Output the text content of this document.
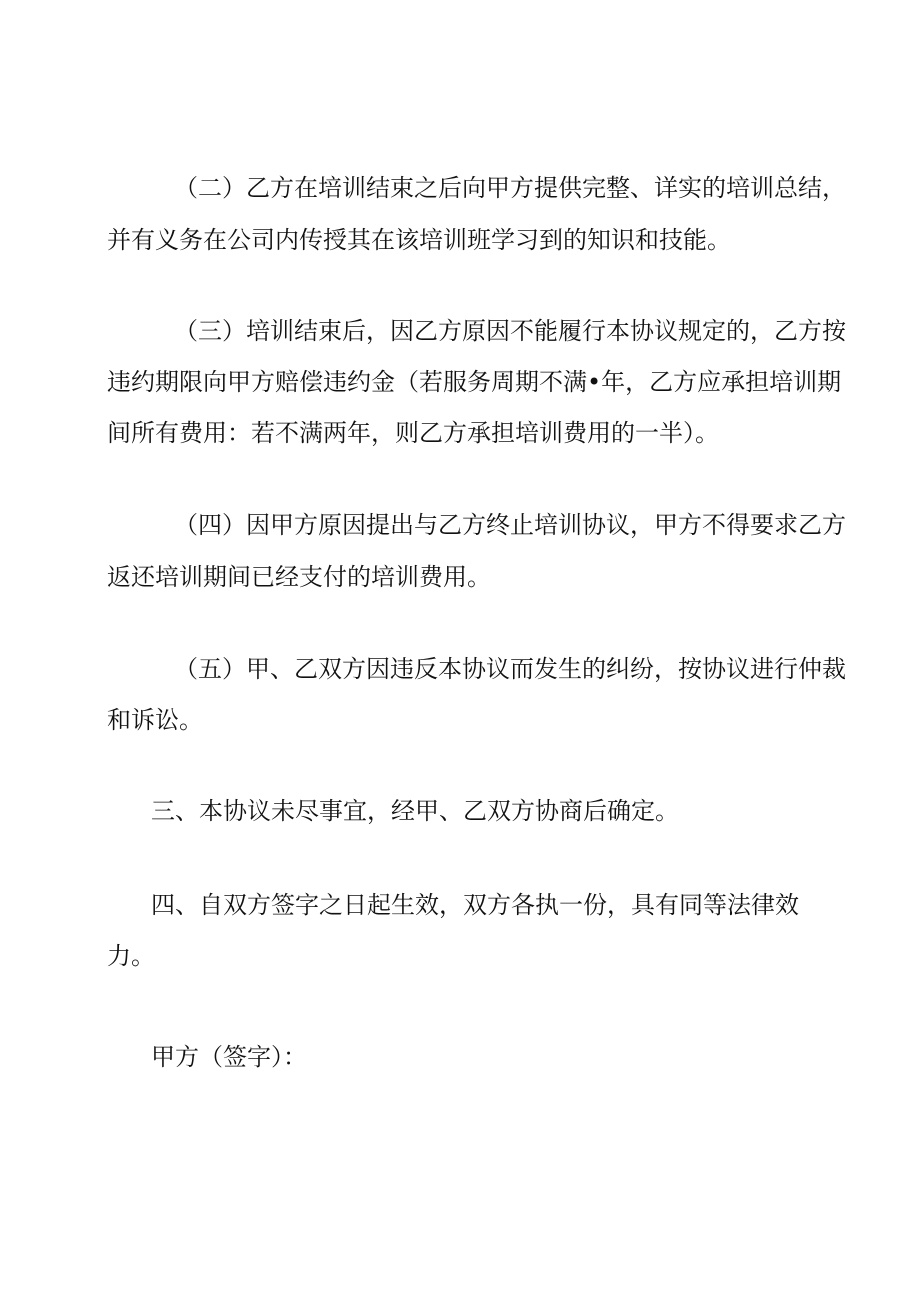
（二）乙方在培训结束之后向甲方提供完整、详实的培训总结，
并有义务在公司内传授其在该培训班学习到的知识和技能。
（三）培训结束后，因乙方原因不能履行本协议规定的，乙方按
违约期限向甲方赔偿违约金（若服务周期不满•年，乙方应承担培训期
间所有费用：若不满两年，则乙方承担培训费用的一半）。
（四）因甲方原因提出与乙方终止培训协议，甲方不得要求乙方
返还培训期间已经支付的培训费用。
（五）甲、乙双方因违反本协议而发生的纠纷，按协议进行仲裁
和诉讼。
三、本协议未尽事宜，经甲、乙双方协商后确定。
四、自双方签字之日起生效，双方各执一份，具有同等法律效
力。
甲方（签字）：
